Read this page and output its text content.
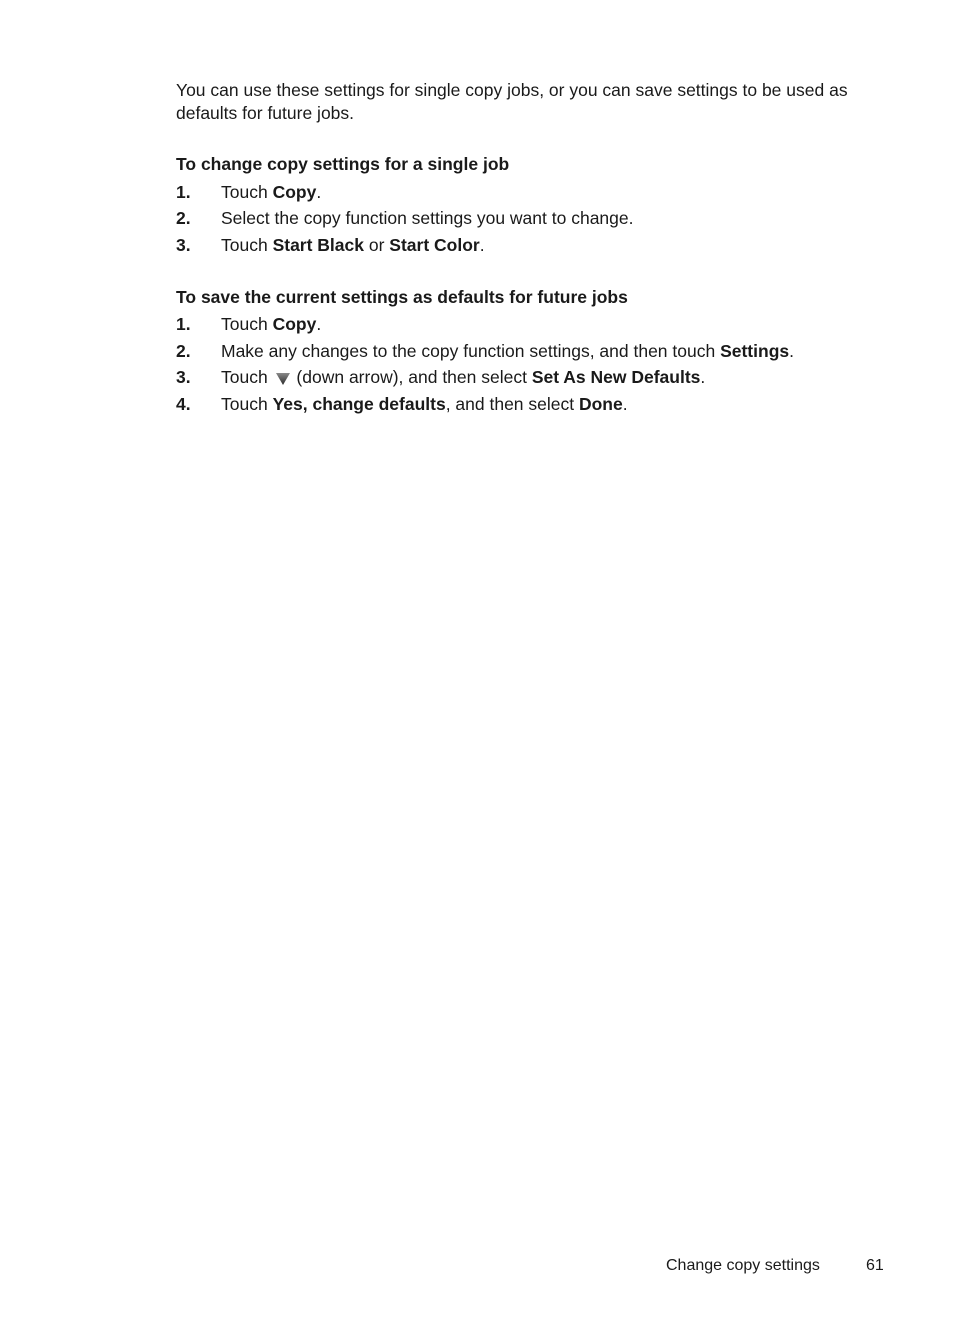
You can use these settings for single copy jobs, or you can save settings to be used as defaults for future jobs.

To change copy settings for a single job
1.	Touch Copy.
2.	Select the copy function settings you want to change.
3.	Touch Start Black or Start Color.
To save the current settings as defaults for future jobs
1.	Touch Copy.
2.	Make any changes to the copy function settings, and then touch Settings.
3.	Touch  (down arrow), and then select Set As New Defaults.
4.	Touch Yes, change defaults, and then select Done.
Change copy settings	61
